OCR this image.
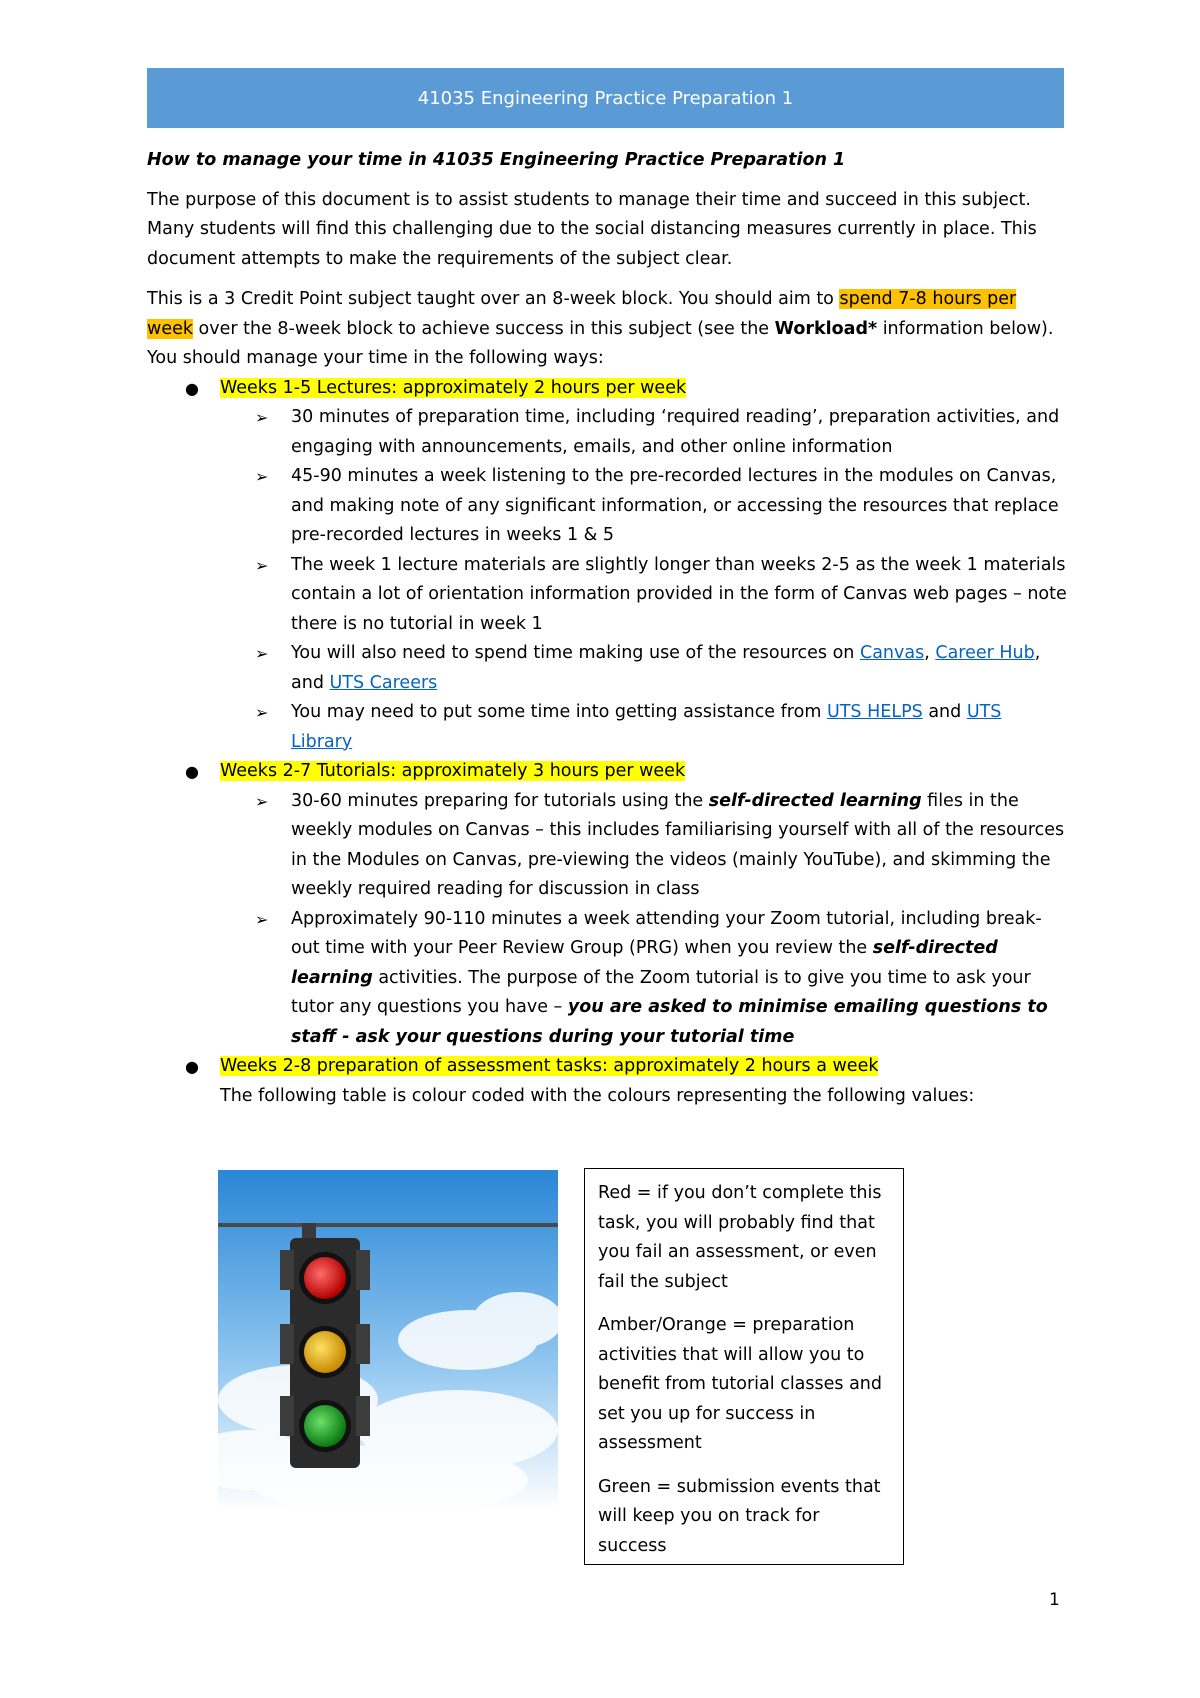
41035 Engineering Practice Preparation 1

How to manage your time in 41035 Engineering Practice Preparation 1

The purpose of this document is to assist students to manage their time and succeed in this subject. Many students will find this challenging due to the social distancing measures currently in place. This document attempts to make the requirements of the subject clear.

This is a 3 Credit Point subject taught over an 8-week block. You should aim to spend 7-8 hours per week over the 8-week block to achieve success in this subject (see the Workload* information below). You should manage your time in the following ways:

● Weeks 1-5 Lectures: approximately 2 hours per week
➢ 30 minutes of preparation time, including ‘required reading’, preparation activities, and engaging with announcements, emails, and other online information
➢ 45-90 minutes a week listening to the pre-recorded lectures in the modules on Canvas, and making note of any significant information, or accessing the resources that replace pre-recorded lectures in weeks 1 & 5
➢ The week 1 lecture materials are slightly longer than weeks 2-5 as the week 1 materials contain a lot of orientation information provided in the form of Canvas web pages – note there is no tutorial in week 1
➢ You will also need to spend time making use of the resources on Canvas, Career Hub, and UTS Careers
➢ You may need to put some time into getting assistance from UTS HELPS and UTS Library
● Weeks 2-7 Tutorials: approximately 3 hours per week
➢ 30-60 minutes preparing for tutorials using the self-directed learning files in the weekly modules on Canvas – this includes familiarising yourself with all of the resources in the Modules on Canvas, pre-viewing the videos (mainly YouTube), and skimming the weekly required reading for discussion in class
➢ Approximately 90-110 minutes a week attending your Zoom tutorial, including break-out time with your Peer Review Group (PRG) when you review the self-directed learning activities. The purpose of the Zoom tutorial is to give you time to ask your tutor any questions you have – you are asked to minimise emailing questions to staff - ask your questions during your tutorial time
● Weeks 2-8 preparation of assessment tasks: approximately 2 hours a week
The following table is colour coded with the colours representing the following values:

Red = if you don’t complete this task, you will probably find that you fail an assessment, or even fail the subject

Amber/Orange = preparation activities that will allow you to benefit from tutorial classes and set you up for success in assessment

Green = submission events that will keep you on track for success

1
